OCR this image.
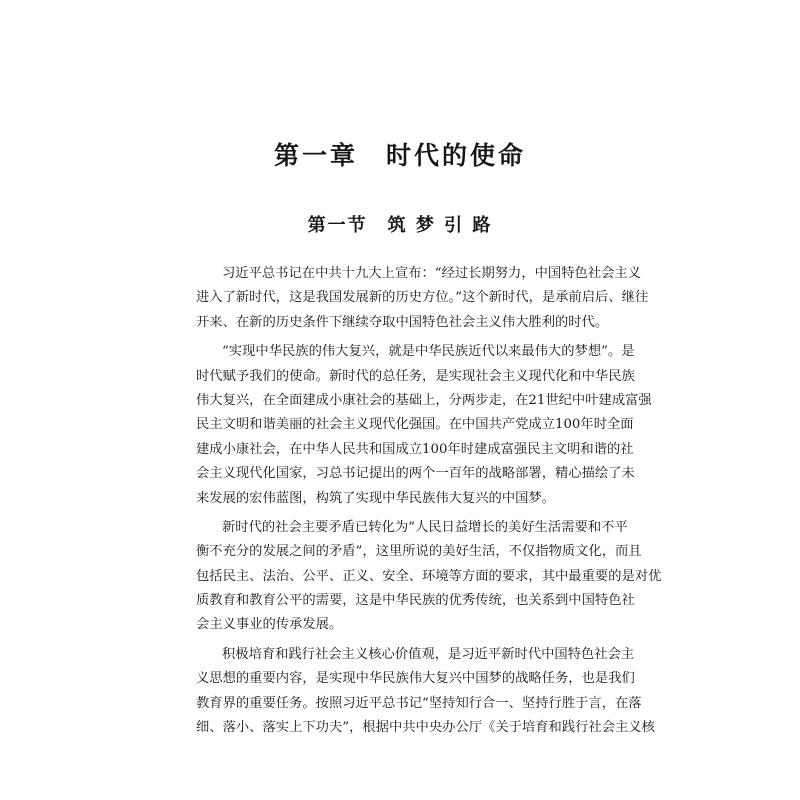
第一章　时代的使命
第一节　筑 梦 引 路
习近平总书记在中共十九大上宣布：“经过长期努力，中国特色社会主义
进入了新时代，这是我国发展新的历史方位。”这个新时代，是承前启后、继往
开来、在新的历史条件下继续夺取中国特色社会主义伟大胜利的时代。
“实现中华民族的伟大复兴，就是中华民族近代以来最伟大的梦想”。是
时代赋予我们的使命。新时代的总任务，是实现社会主义现代化和中华民族
伟大复兴，在全面建成小康社会的基础上，分两步走，在21世纪中叶建成富强
民主文明和谐美丽的社会主义现代化强国。在中国共产党成立100年时全面
建成小康社会，在中华人民共和国成立100年时建成富强民主文明和谐的社
会主义现代化国家，习总书记提出的两个一百年的战略部署，精心描绘了未
来发展的宏伟蓝图，构筑了实现中华民族伟大复兴的中国梦。
新时代的社会主要矛盾已转化为“人民日益增长的美好生活需要和不平
衡不充分的发展之间的矛盾”，这里所说的美好生活，不仅指物质文化，而且
包括民主、法治、公平、正义、安全、环境等方面的要求，其中最重要的是对优
质教育和教育公平的需要，这是中华民族的优秀传统，也关系到中国特色社
会主义事业的传承发展。
积极培育和践行社会主义核心价值观，是习近平新时代中国特色社会主
义思想的重要内容，是实现中华民族伟大复兴中国梦的战略任务，也是我们
教育界的重要任务。按照习近平总书记“坚持知行合一、坚持行胜于言，在落
细、落小、落实上下功夫”，根据中共中央办公厅《关于培育和践行社会主义核
